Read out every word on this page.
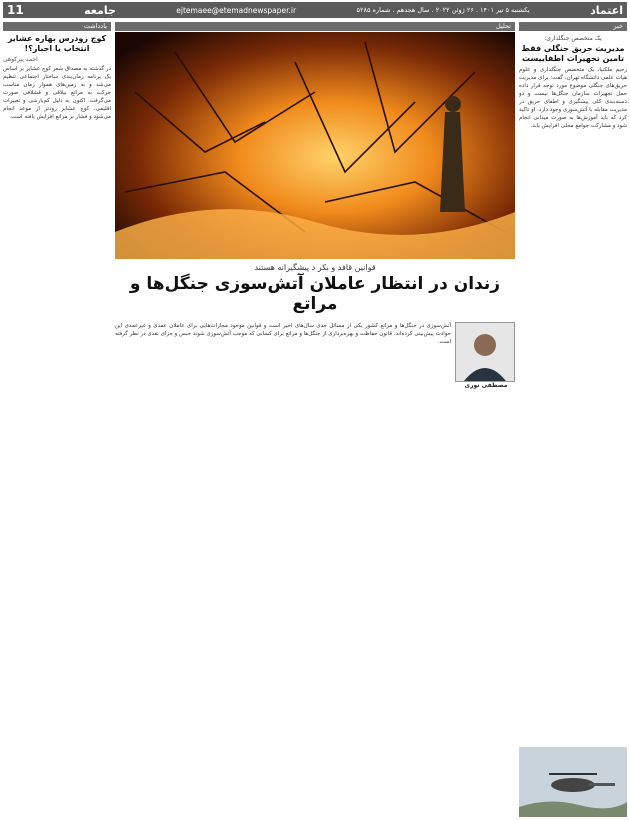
اعتماد
یکشنبه ۵ تیر ۱۴۰۱ . ۲۶ ژوئن ۲۰۲۲ . سال هجدهم . شماره ۵۲۸۵
ejtemaee@etemadnewspaper.ir
جامعه
11
خبر
یک متخصص جنگلداری:
مدیریت حریق جنگلی فقط تامین تجهیزات اطفاییست
رحیم ملکنیا، یک متخصص جنگلداری و علوم هیات علمی دانشگاه تهران، گفت: برای مدیریت حریق‌های جنگلی موضوع مورد توجه قرار داده حمل تجهیزات سازمان جنگل‌ها نیست و دو دسته‌بندی کلی پیشگیری و اطفای حریق در مدیریت مقابله با آتش‌سوزی وجود دارد. او تاکید کرد که باید آموزش‌ها به صورت میدانی انجام شود و مشارکت جوامع محلی افزایش یابد.
تحلیل
قوانین قافد و بکر د پیشگیرانه هستند
زندان در انتظار عاملان آتش‌سوزی جنگل‌ها و مراتع
آتش‌سوزی در جنگل‌ها و مراتع کشور یکی از مسائل جدی سال‌های اخیر است و قوانین موجود مجازات‌هایی برای عاملان عمدی و غیرعمدی این حوادث پیش‌بینی کرده‌اند. قانون حفاظت و بهره‌برداری از جنگل‌ها و مراتع برای کسانی که موجب آتش‌سوزی شوند حبس و جزای نقدی در نظر گرفته است.
مصطفی نوری
یادداشت
کوچ زودرس بهاره عشایر انتخاب یا اجبار؟!
احمد پیرکوهی
در گذشته به مصداق شعر کوچ عشایر بر اساس یک برنامه زمان‌بندی ساختار اجتماعی تنظیم می‌شد و به زمین‌های هموار زمان مناسب حرکت به مراتع بیلاقی و قشلاقی صورت می‌گرفت. اکنون به دلیل کم‌بارشی و تغییرات اقلیمی، کوچ عشایر زودتر از موعد انجام می‌شود و فشار بر مراتع افزایش یافته است.
